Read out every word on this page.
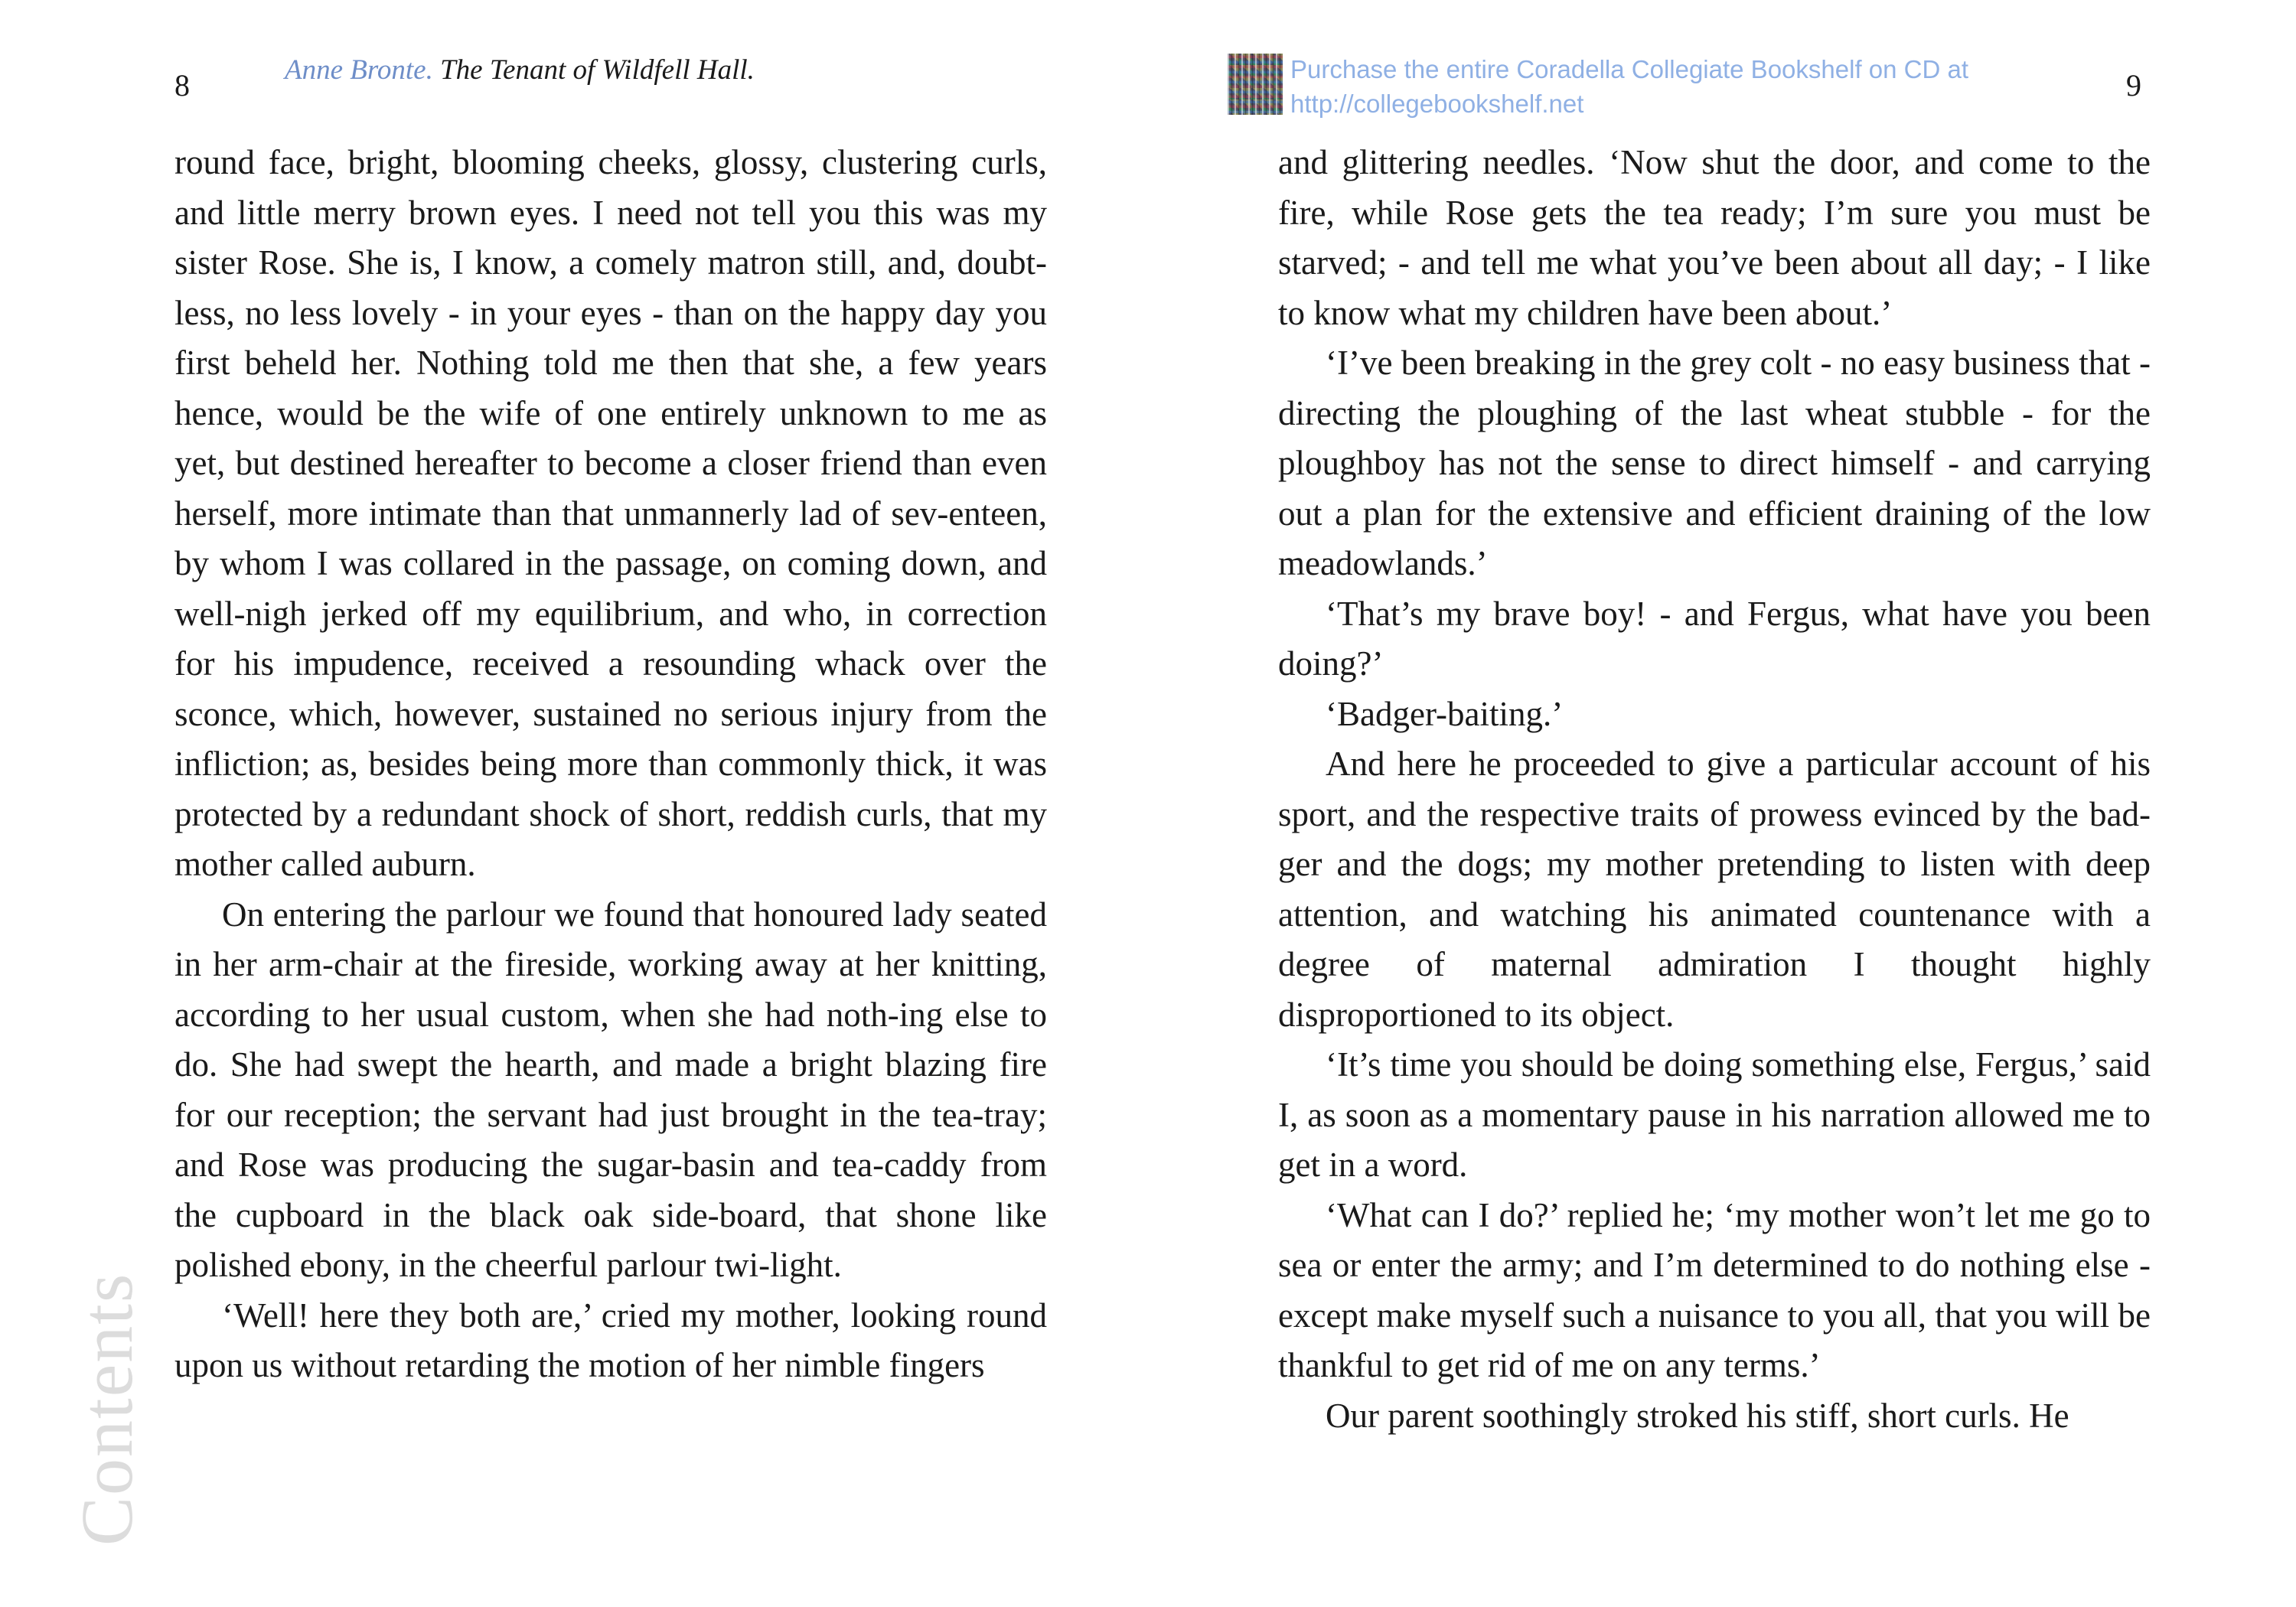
8	Anne Bronte. The Tenant of Wildfell Hall.	Purchase the entire Coradella Collegiate Bookshelf on CD at
http://collegebookshelf.net
9

round face, bright, blooming cheeks, glossy, clustering curls, and little merry brown eyes. I need not tell you this was my sister Rose. She is, I know, a comely matron still, and, doubt-less, no less lovely - in your eyes - than on the happy day you first beheld her. Nothing told me then that she, a few years hence, would be the wife of one entirely unknown to me as yet, but destined hereafter to become a closer friend than even herself, more intimate than that unmannerly lad of sev-enteen, by whom I was collared in the passage, on coming down, and well-nigh jerked off my equilibrium, and who, in correction for his impudence, received a resounding whack over the sconce, which, however, sustained no serious injury from the infliction; as, besides being more than commonly thick, it was protected by a redundant shock of short, reddish curls, that my mother called auburn.

On entering the parlour we found that honoured lady seated in her arm-chair at the fireside, working away at her knitting, according to her usual custom, when she had noth-ing else to do. She had swept the hearth, and made a bright blazing fire for our reception; the servant had just brought in the tea-tray; and Rose was producing the sugar-basin and tea-caddy from the cupboard in the black oak side-board, that shone like polished ebony, in the cheerful parlour twi-light.

‘Well! here they both are,’ cried my mother, looking round upon us without retarding the motion of her nimble fingers

and glittering needles. ‘Now shut the door, and come to the fire, while Rose gets the tea ready; I’m sure you must be starved; - and tell me what you’ve been about all day; - I like to know what my children have been about.’

‘I’ve been breaking in the grey colt - no easy business that - directing the ploughing of the last wheat stubble - for the ploughboy has not the sense to direct himself - and carrying out a plan for the extensive and efficient draining of the low meadowlands.’

‘That’s my brave boy! - and Fergus, what have you been doing?’

‘Badger-baiting.’

And here he proceeded to give a particular account of his sport, and the respective traits of prowess evinced by the bad-ger and the dogs; my mother pretending to listen with deep attention, and watching his animated countenance with a degree of maternal admiration I thought highly disproportioned to its object.

‘It’s time you should be doing something else, Fergus,’ said I, as soon as a momentary pause in his narration allowed me to get in a word.

‘What can I do?’ replied he; ‘my mother won’t let me go to sea or enter the army; and I’m determined to do nothing else - except make myself such a nuisance to you all, that you will be thankful to get rid of me on any terms.’

Our parent soothingly stroked his stiff, short curls. He

Contents
